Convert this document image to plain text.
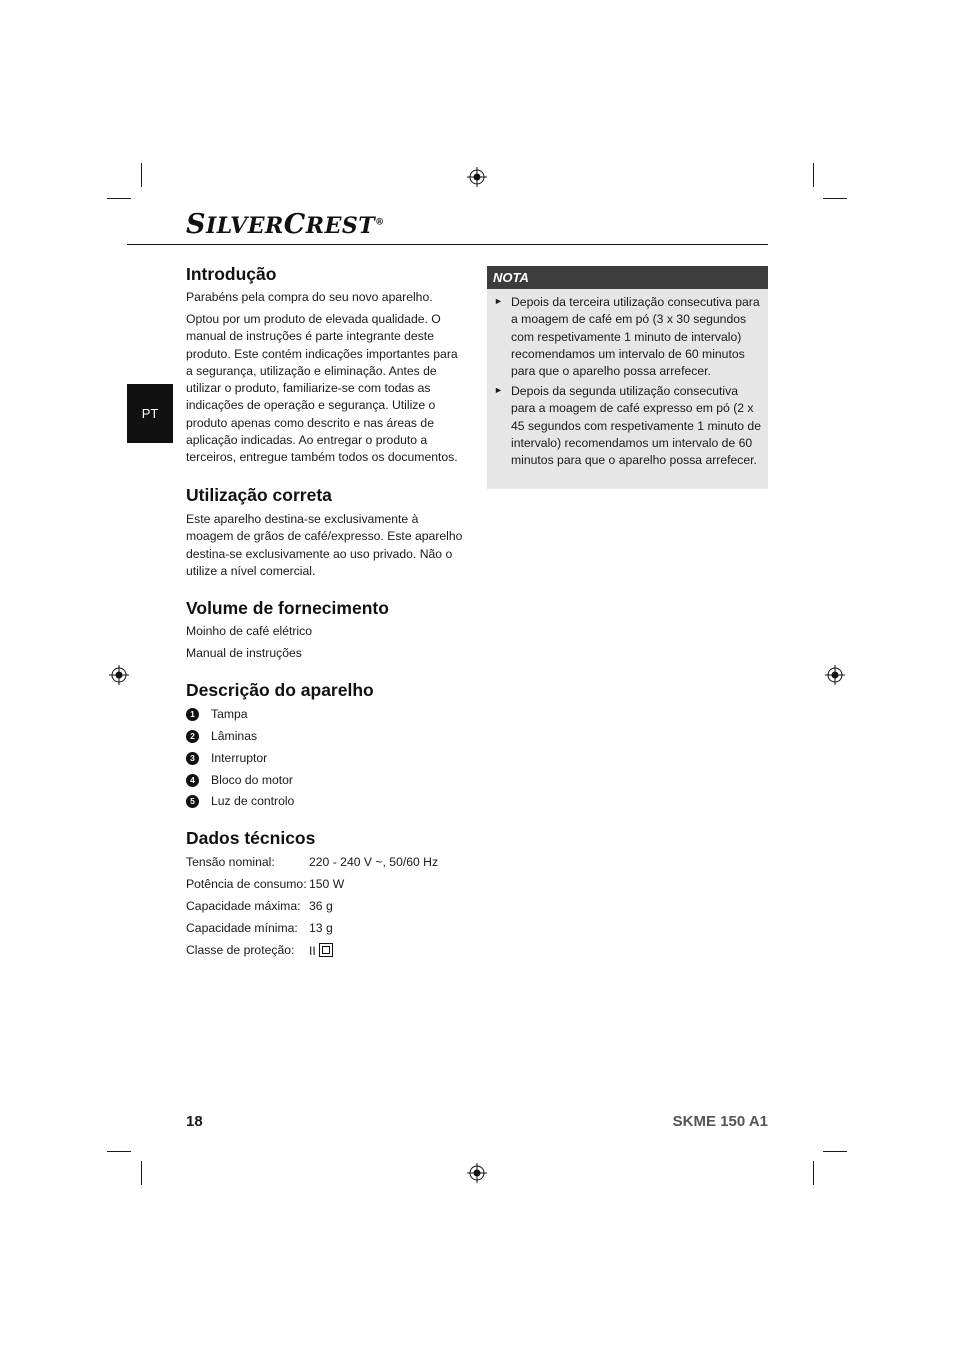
SILVERCREST®
PT
Introdução

Parabéns pela compra do seu novo aparelho.

Optou por um produto de elevada qualidade. O manual de instruções é parte integrante deste produto. Este contém indicações importantes para a segurança, utilização e eliminação. Antes de utilizar o produto, familiarize-se com todas as indicações de operação e segurança. Utilize o produto apenas como descrito e nas áreas de aplicação indicadas. Ao entregar o produto a terceiros, entregue também todos os documentos.

Utilização correta

Este aparelho destina-se exclusivamente à moagem de grãos de café/expresso. Este aparelho destina-se exclusivamente ao uso privado. Não o utilize a nível comercial.

Volume de fornecimento

Moinho de café elétrico

Manual de instruções

Descrição do aparelho
1	Tampa
2	Lâminas
3	Interruptor
4	Bloco do motor
5	Luz de controlo
Dados técnicos
Tensão nominal:	220 - 240 V ~, 50/60 Hz
Potência de consumo: 150 W
Capacidade máxima: 36 g
Capacidade mínima: 13 g
Classe de proteção: II
NOTA
► Depois da terceira utilização consecutiva para a moagem de café em pó (3 x 30 segundos com respetivamente 1 minuto de intervalo) recomendamos um intervalo de 60 minutos para que o aparelho possa arrefecer.
► Depois da segunda utilização consecutiva para a moagem de café expresso em pó (2 x 45 segundos com respetivamente 1 minuto de intervalo) recomendamos um intervalo de 60 minutos para que o aparelho possa arrefecer.
18	SKME 150 A1
